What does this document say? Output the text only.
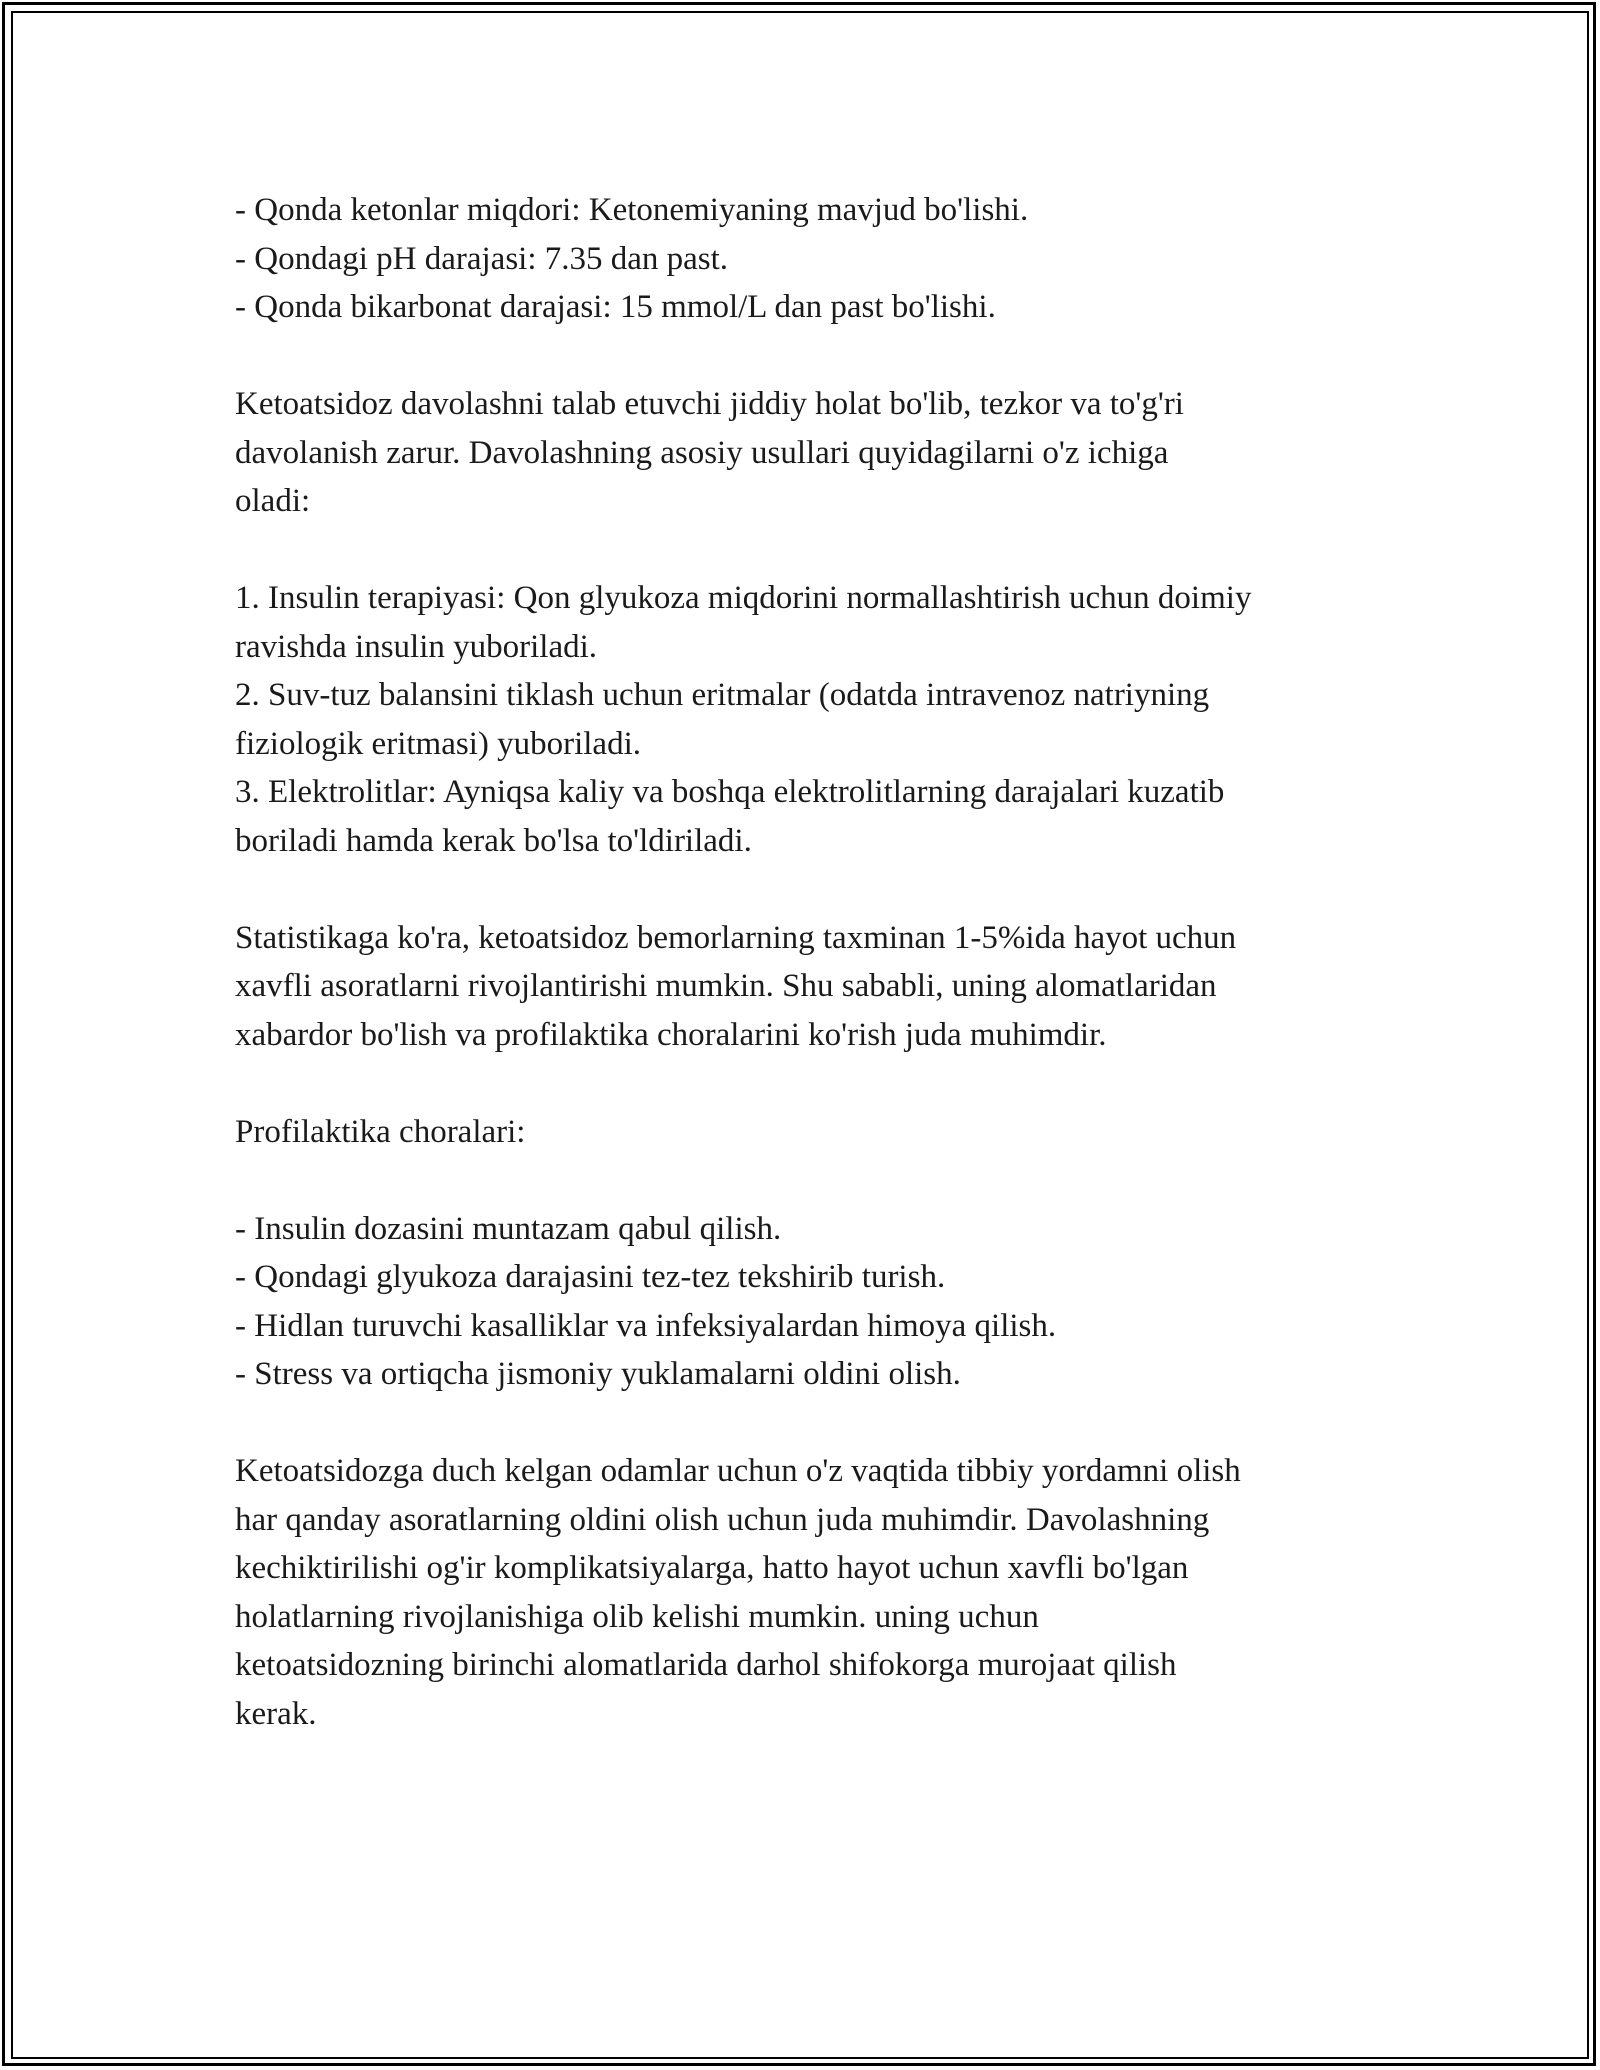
- Qonda ketonlar miqdori: Ketonemiyaning mavjud bo'lishi.
- Qondagi pH darajasi: 7.35 dan past.
- Qonda bikarbonat darajasi: 15 mmol/L dan past bo'lishi.
Ketoatsidoz davolashni talab etuvchi jiddiy holat bo'lib, tezkor va to'g'ri
davolanish zarur. Davolashning asosiy usullari quyidagilarni o'z ichiga
oladi:
1. Insulin terapiyasi: Qon glyukoza miqdorini normallashtirish uchun doimiy
ravishda insulin yuboriladi.
2. Suv-tuz balansini tiklash uchun eritmalar (odatda intravenoz natriyning
fiziologik eritmasi) yuboriladi.
3. Elektrolitlar: Ayniqsa kaliy va boshqa elektrolitlarning darajalari kuzatib
boriladi hamda kerak bo'lsa to'ldiriladi.
Statistikaga ko'ra, ketoatsidoz bemorlarning taxminan 1-5%ida hayot uchun
xavfli asoratlarni rivojlantirishi mumkin. Shu sababli, uning alomatlaridan
xabardor bo'lish va profilaktika choralarini ko'rish juda muhimdir.
Profilaktika choralari:
- Insulin dozasini muntazam qabul qilish.
- Qondagi glyukoza darajasini tez-tez tekshirib turish.
- Hidlan turuvchi kasalliklar va infeksiyalardan himoya qilish.
- Stress va ortiqcha jismoniy yuklamalarni oldini olish.
Ketoatsidozga duch kelgan odamlar uchun o'z vaqtida tibbiy yordamni olish
har qanday asoratlarning oldini olish uchun juda muhimdir. Davolashning
kechiktirilishi og'ir komplikatsiyalarga, hatto hayot uchun xavfli bo'lgan
holatlarning rivojlanishiga olib kelishi mumkin. uning uchun
ketoatsidozning birinchi alomatlarida darhol shifokorga murojaat qilish
kerak.
